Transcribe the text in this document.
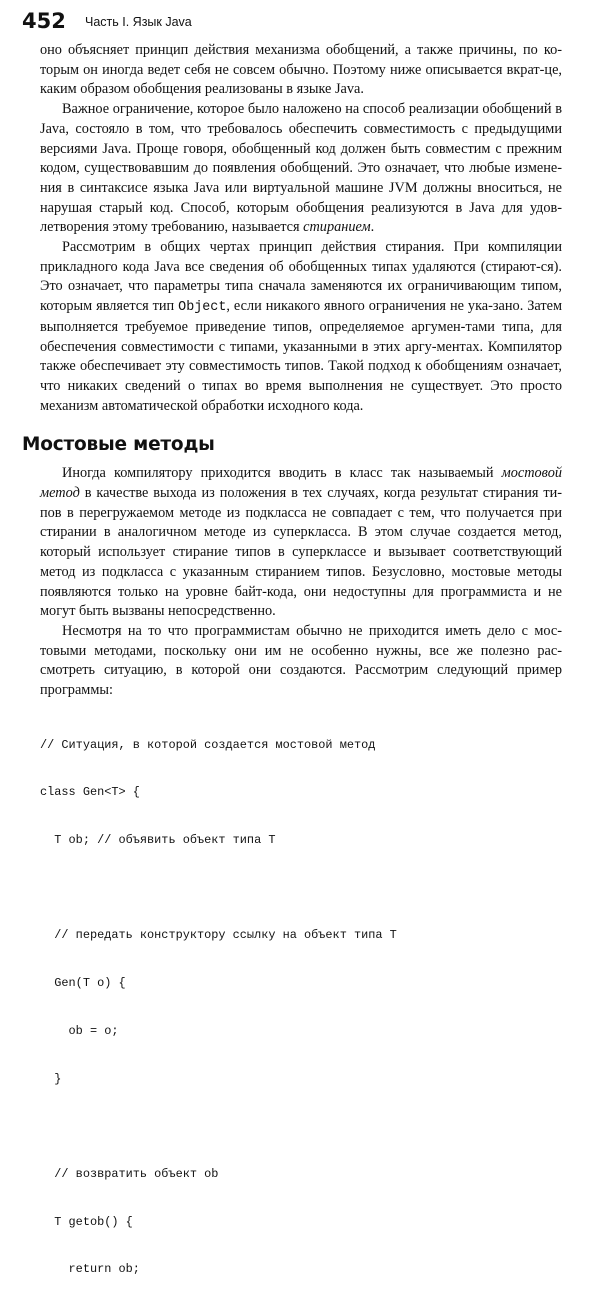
452 Часть I. Язык Java

оно объясняет принцип действия механизма обобщений, а также причины, по ко-торым он иногда ведет себя не совсем обычно. Поэтому ниже описывается вкрат-це, каким образом обобщения реализованы в языке Java.

Важное ограничение, которое было наложено на способ реализации обобщений в Java, состояло в том, что требовалось обеспечить совместимость с предыдущими версиями Java. Проще говоря, обобщенный код должен быть совместим с прежним кодом, существовавшим до появления обобщений. Это означает, что любые измене-ния в синтаксисе языка Java или виртуальной машине JVM должны вноситься, не нарушая старый код. Способ, которым обобщения реализуются в Java для удов-летворения этому требованию, называется стиранием.

Рассмотрим в общих чертах принцип действия стирания. При компиляции прикладного кода Java все сведения об обобщенных типах удаляются (стирают-ся). Это означает, что параметры типа сначала заменяются их ограничивающим типом, которым является тип Object, если никакого явного ограничения не ука-зано. Затем выполняется требуемое приведение типов, определяемое аргумен-тами типа, для обеспечения совместимости с типами, указанными в этих аргу-ментах. Компилятор также обеспечивает эту совместимость типов. Такой подход к обобщениям означает, что никаких сведений о типах во время выполнения не существует. Это просто механизм автоматической обработки исходного кода.

Мостовые методы

Иногда компилятору приходится вводить в класс так называемый мостовой метод в качестве выхода из положения в тех случаях, когда результат стирания ти-пов в перегружаемом методе из подкласса не совпадает с тем, что получается при стирании в аналогичном методе из суперкласса. В этом случае создается метод, который использует стирание типов в суперклассе и вызывает соответствующий метод из подкласса с указанным стиранием типов. Безусловно, мостовые методы появляются только на уровне байт-кода, они недоступны для программиста и не могут быть вызваны непосредственно.

Несмотря на то что программистам обычно не приходится иметь дело с мос-товыми методами, поскольку они им не особенно нужны, все же полезно рас-смотреть ситуацию, в которой они создаются. Рассмотрим следующий пример программы:

// Ситуация, в которой создается мостовой метод

class Gen<T> {

T ob; // объявить объект типа T

// передать конструктору ссылку на объект типа T

Gen(T o) {

ob = o;

}

// возвратить объект ob

T getob() {

return ob;
